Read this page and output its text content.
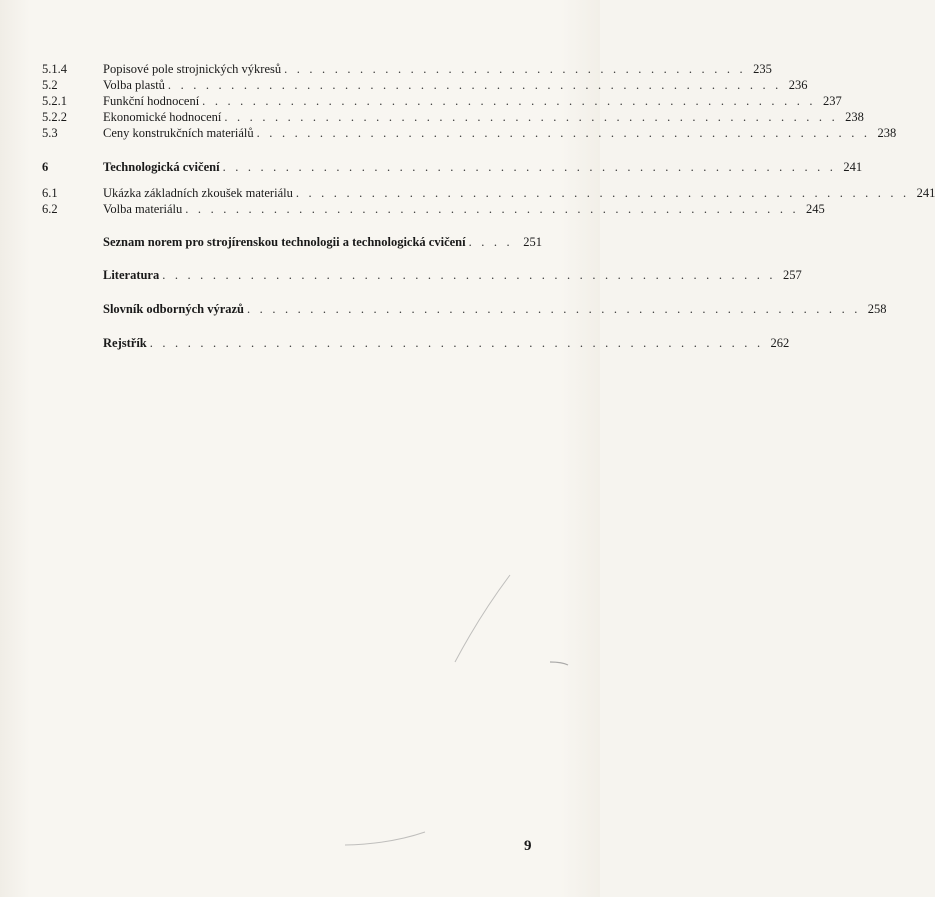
5.1.4	Popisové pole strojnických výkresů . . . . . . . . . . . . . . . . . . . . . . . . . . . . . . . . . . . . . 235
5.2	Volba plastů . . . . . . . . . . . . . . . . . . . . . . . . . . . . . . . . . . . . . . . . . . . . . . . . . 236
5.2.1	Funkční hodnocení . . . . . . . . . . . . . . . . . . . . . . . . . . . . . . . . . . . . . . . . . . . . . . . . . 237
5.2.2	Ekonomické hodnocení . . . . . . . . . . . . . . . . . . . . . . . . . . . . . . . . . . . . . . . . . . . . . . . . . 238
5.3	Ceny konstrukčních materiálů . . . . . . . . . . . . . . . . . . . . . . . . . . . . . . . . . . . . . . . . . . . . . . . . . 238
6	Technologická cvičení . . . . . . . . . . . . . . . . . . . . . . . . . . . . . . . . . . . . . . . . . . . . . . . . . 241
6.1	Ukázka základních zkoušek materiálu . . . . . . . . . . . . . . . . . . . . . . . . . . . . . . . . . . . . . . . . . . . . . . . . . 241
6.2	Volba materiálu . . . . . . . . . . . . . . . . . . . . . . . . . . . . . . . . . . . . . . . . . . . . . . . . . 245
Seznam norem pro strojírenskou technologii a technologická cvičení . . . . 251
Literatura . . . . . . . . . . . . . . . . . . . . . . . . . . . . . . . . . . . . . . . . . . . . . . . . . 257
Slovník odborných výrazů . . . . . . . . . . . . . . . . . . . . . . . . . . . . . . . . . . . . . . . . . . . . . . . . . 258
Rejstřík . . . . . . . . . . . . . . . . . . . . . . . . . . . . . . . . . . . . . . . . . . . . . . . . . 262
9
